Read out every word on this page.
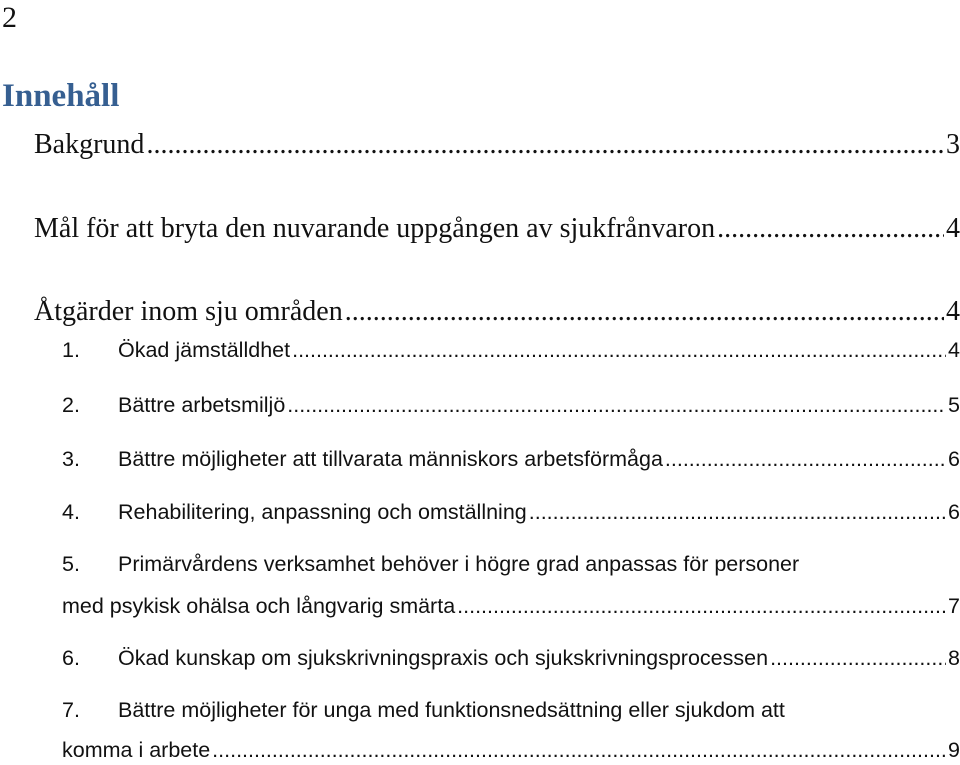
2
Innehåll
Bakgrund .....	3
Mål för att bryta den nuvarande uppgången av sjukfrånvaron .....	4
Åtgärder inom sju områden .....	4
1.	Ökad jämställdhet .....	4
2.	Bättre arbetsmiljö .....	5
3.	Bättre möjligheter att tillvarata människors arbetsförmåga .....	6
4.	Rehabilitering, anpassning och omställning .....	6
5.	Primärvårdens verksamhet behöver i högre grad anpassas för personer
med psykisk ohälsa och långvarig smärta .....	7
6.	Ökad kunskap om sjukskrivningspraxis och sjukskrivningsprocessen .....	8
7.	Bättre möjligheter för unga med funktionsnedsättning eller sjukdom att
komma i arbete .....	9
